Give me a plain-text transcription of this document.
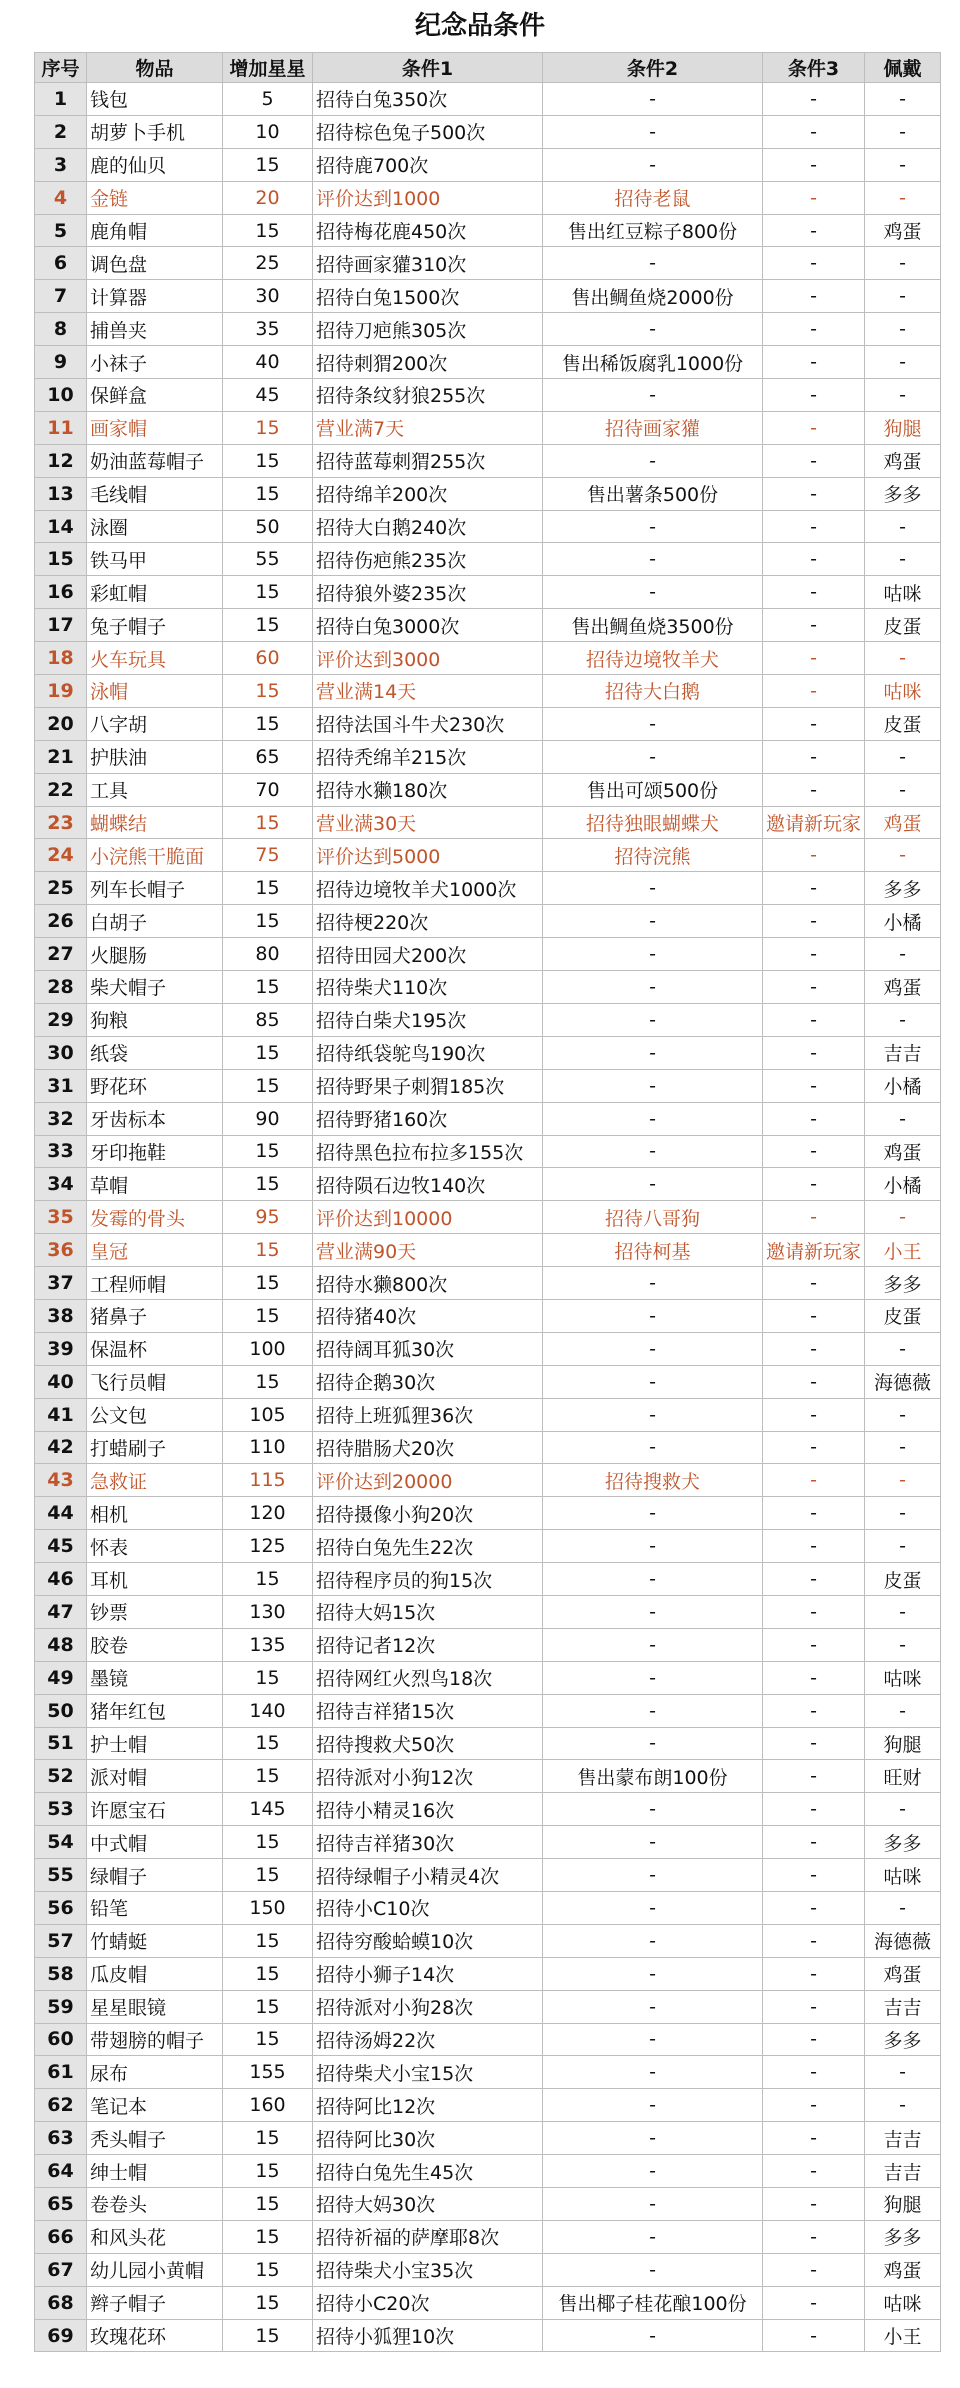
纪念品条件
序号	物品	增加星星	条件1	条件2	条件3	佩戴
1	钱包	5	招待白兔350次	-	-	-
2	胡萝卜手机	10	招待棕色兔子500次	-	-	-
3	鹿的仙贝	15	招待鹿700次	-	-	-
4	金链	20	评价达到1000	招待老鼠	-	-
5	鹿角帽	15	招待梅花鹿450次	售出红豆粽子800份	-	鸡蛋
6	调色盘	25	招待画家獾310次	-	-	-
7	计算器	30	招待白兔1500次	售出鲷鱼烧2000份	-	-
8	捕兽夹	35	招待刀疤熊305次	-	-	-
9	小袜子	40	招待刺猬200次	售出稀饭腐乳1000份	-	-
10	保鲜盒	45	招待条纹豺狼255次	-	-	-
11	画家帽	15	营业满7天	招待画家獾	-	狗腿
12	奶油蓝莓帽子	15	招待蓝莓刺猬255次	-	-	鸡蛋
13	毛线帽	15	招待绵羊200次	售出薯条500份	-	多多
14	泳圈	50	招待大白鹅240次	-	-	-
15	铁马甲	55	招待伤疤熊235次	-	-	-
16	彩虹帽	15	招待狼外婆235次	-	-	咕咪
17	兔子帽子	15	招待白兔3000次	售出鲷鱼烧3500份	-	皮蛋
18	火车玩具	60	评价达到3000	招待边境牧羊犬	-	-
19	泳帽	15	营业满14天	招待大白鹅	-	咕咪
20	八字胡	15	招待法国斗牛犬230次	-	-	皮蛋
21	护肤油	65	招待秃绵羊215次	-	-	-
22	工具	70	招待水獭180次	售出可颂500份	-	-
23	蝴蝶结	15	营业满30天	招待独眼蝴蝶犬	邀请新玩家	鸡蛋
24	小浣熊干脆面	75	评价达到5000	招待浣熊	-	-
25	列车长帽子	15	招待边境牧羊犬1000次	-	-	多多
26	白胡子	15	招待梗220次	-	-	小橘
27	火腿肠	80	招待田园犬200次	-	-	-
28	柴犬帽子	15	招待柴犬110次	-	-	鸡蛋
29	狗粮	85	招待白柴犬195次	-	-	-
30	纸袋	15	招待纸袋鸵鸟190次	-	-	吉吉
31	野花环	15	招待野果子刺猬185次	-	-	小橘
32	牙齿标本	90	招待野猪160次	-	-	-
33	牙印拖鞋	15	招待黑色拉布拉多155次	-	-	鸡蛋
34	草帽	15	招待陨石边牧140次	-	-	小橘
35	发霉的骨头	95	评价达到10000	招待八哥狗	-	-
36	皇冠	15	营业满90天	招待柯基	邀请新玩家	小王
37	工程师帽	15	招待水獭800次	-	-	多多
38	猪鼻子	15	招待猪40次	-	-	皮蛋
39	保温杯	100	招待阔耳狐30次	-	-	-
40	飞行员帽	15	招待企鹅30次	-	-	海德薇
41	公文包	105	招待上班狐狸36次	-	-	-
42	打蜡刷子	110	招待腊肠犬20次	-	-	-
43	急救证	115	评价达到20000	招待搜救犬	-	-
44	相机	120	招待摄像小狗20次	-	-	-
45	怀表	125	招待白兔先生22次	-	-	-
46	耳机	15	招待程序员的狗15次	-	-	皮蛋
47	钞票	130	招待大妈15次	-	-	-
48	胶卷	135	招待记者12次	-	-	-
49	墨镜	15	招待网红火烈鸟18次	-	-	咕咪
50	猪年红包	140	招待吉祥猪15次	-	-	-
51	护士帽	15	招待搜救犬50次	-	-	狗腿
52	派对帽	15	招待派对小狗12次	售出蒙布朗100份	-	旺财
53	许愿宝石	145	招待小精灵16次	-	-	-
54	中式帽	15	招待吉祥猪30次	-	-	多多
55	绿帽子	15	招待绿帽子小精灵4次	-	-	咕咪
56	铅笔	150	招待小C10次	-	-	-
57	竹蜻蜓	15	招待穷酸蛤蟆10次	-	-	海德薇
58	瓜皮帽	15	招待小狮子14次	-	-	鸡蛋
59	星星眼镜	15	招待派对小狗28次	-	-	吉吉
60	带翅膀的帽子	15	招待汤姆22次	-	-	多多
61	尿布	155	招待柴犬小宝15次	-	-	-
62	笔记本	160	招待阿比12次	-	-	-
63	秃头帽子	15	招待阿比30次	-	-	吉吉
64	绅士帽	15	招待白兔先生45次	-	-	吉吉
65	卷卷头	15	招待大妈30次	-	-	狗腿
66	和风头花	15	招待祈福的萨摩耶8次	-	-	多多
67	幼儿园小黄帽	15	招待柴犬小宝35次	-	-	鸡蛋
68	辫子帽子	15	招待小C20次	售出椰子桂花酿100份	-	咕咪
69	玫瑰花环	15	招待小狐狸10次	-	-	小王
